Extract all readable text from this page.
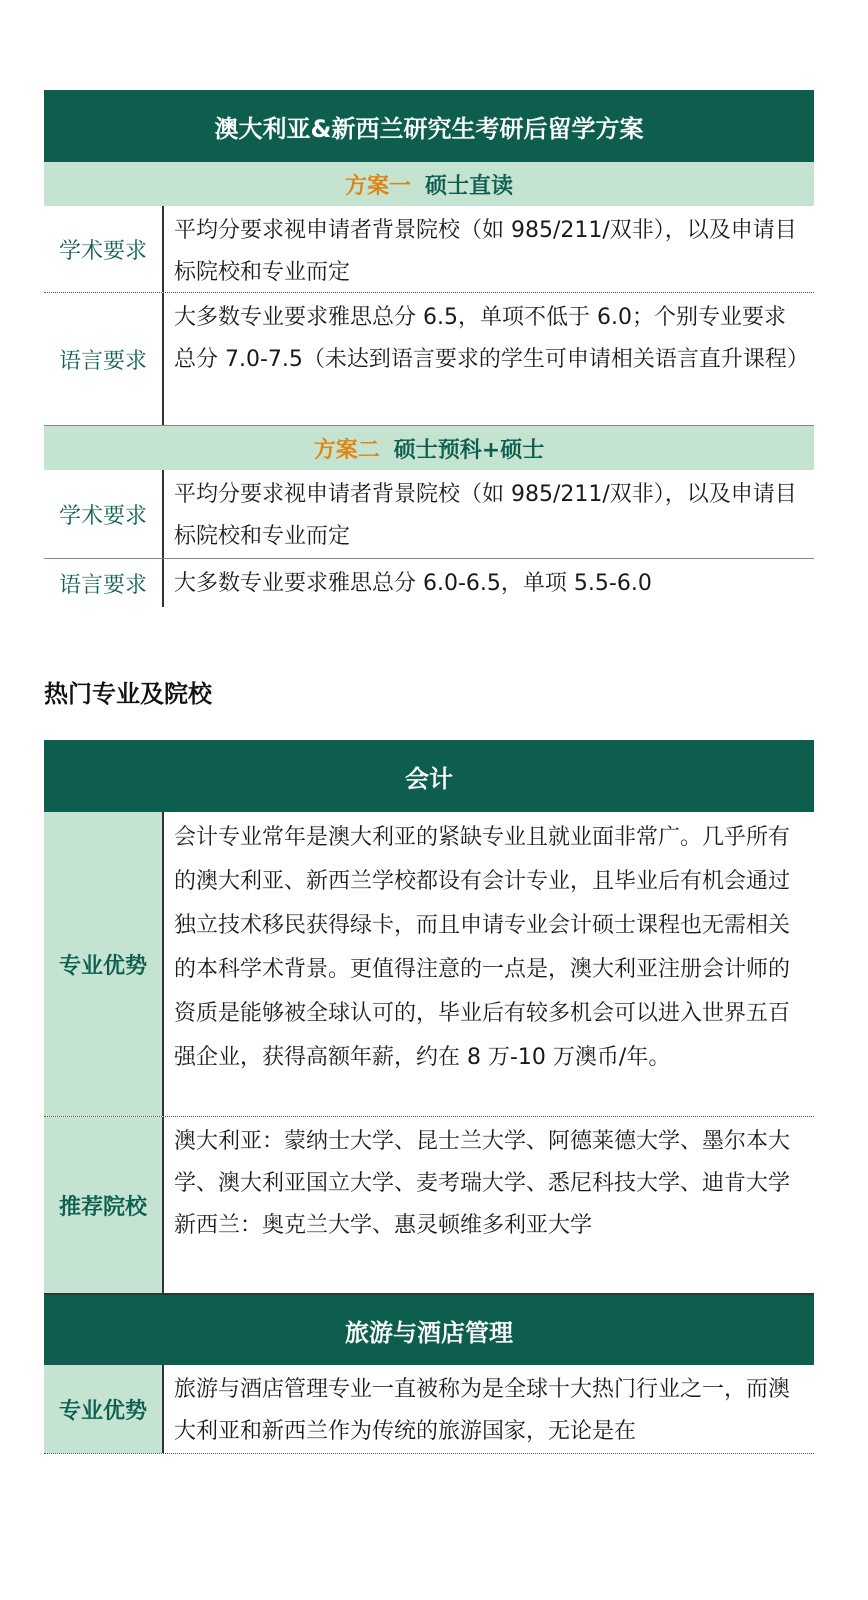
澳大利亚&新西兰研究生考研后留学方案
方案一 硕士直读
学术要求
平均分要求视申请者背景院校（如 985/211/双非），以及申请目标院校和专业而定
语言要求
大多数专业要求雅思总分 6.5，单项不低于 6.0；个别专业要求总分 7.0-7.5（未达到语言要求的学生可申请相关语言直升课程）
方案二 硕士预科+硕士
学术要求
平均分要求视申请者背景院校（如 985/211/双非），以及申请目标院校和专业而定
语言要求	大多数专业要求雅思总分 6.0-6.5，单项 5.5-6.0
热门专业及院校
会计
专业优势
会计专业常年是澳大利亚的紧缺专业且就业面非常广。几乎所有的澳大利亚、新西兰学校都设有会计专业，且毕业后有机会通过独立技术移民获得绿卡，而且申请专业会计硕士课程也无需相关的本科学术背景。更值得注意的一点是，澳大利亚注册会计师的资质是能够被全球认可的，毕业后有较多机会可以进入世界五百强企业，获得高额年薪，约在 8 万-10 万澳币/年。
推荐院校
澳大利亚：蒙纳士大学、昆士兰大学、阿德莱德大学、墨尔本大学、澳大利亚国立大学、麦考瑞大学、悉尼科技大学、迪肯大学
新西兰：奥克兰大学、惠灵顿维多利亚大学
旅游与酒店管理
专业优势
旅游与酒店管理专业一直被称为是全球十大热门行业之一，而澳大利亚和新西兰作为传统的旅游国家，无论是在
